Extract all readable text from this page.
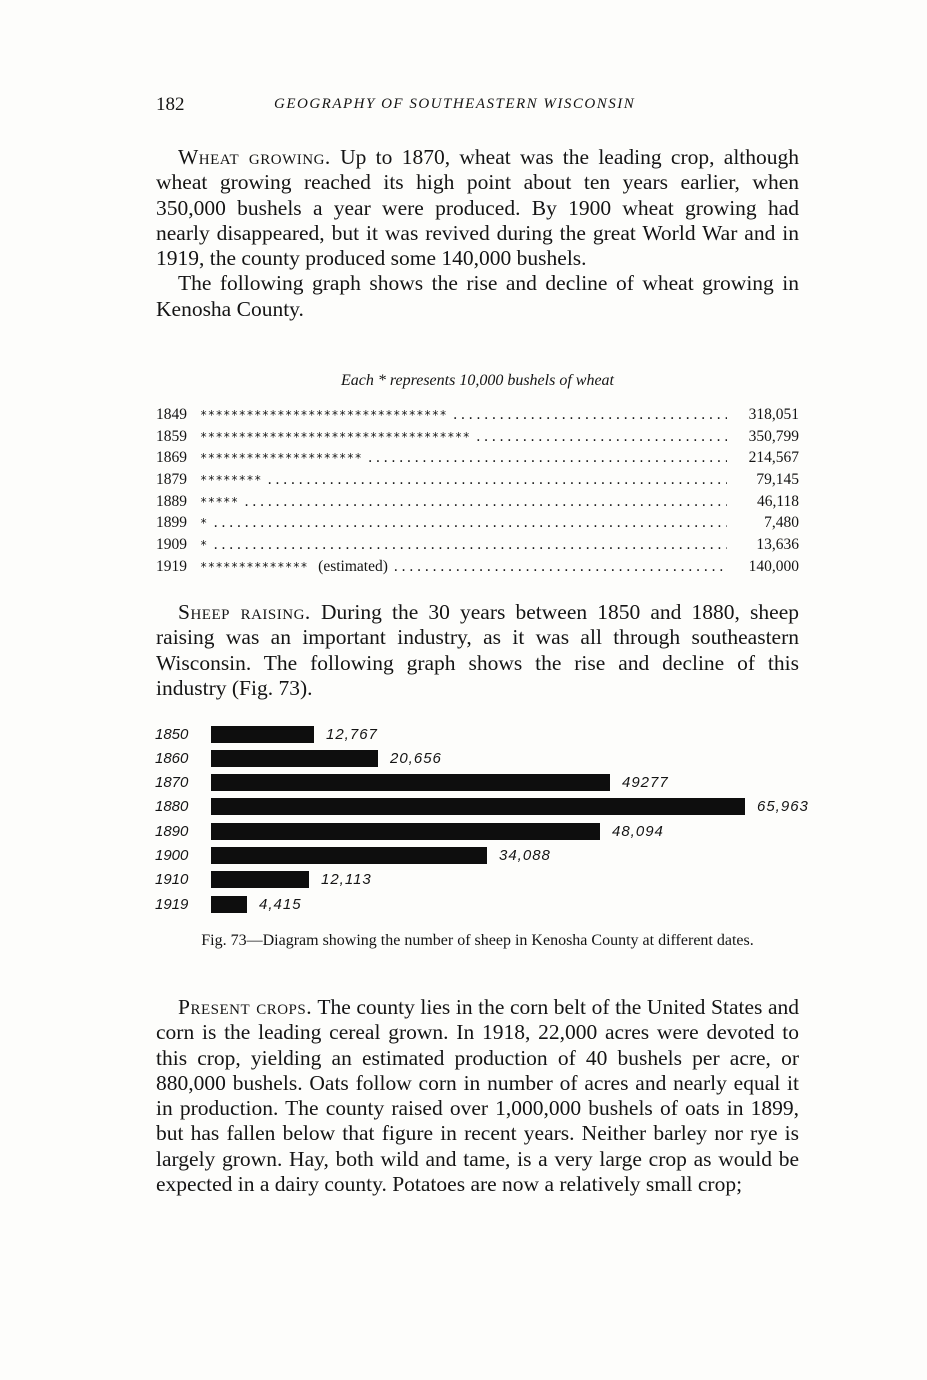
182	GEOGRAPHY OF SOUTHEASTERN WISCONSIN

Wheat growing. Up to 1870, wheat was the leading crop, although wheat growing reached its high point about ten years earlier, when 350,000 bushels a year were produced. By 1900 wheat growing had nearly disappeared, but it was revived during the great World War and in 1919, the county produced some 140,000 bushels.

The following graph shows the rise and decline of wheat growing in Kenosha County.

Each * represents 10,000 bushels of wheat
1849	******************************** . . .	318,051
1859	*********************************** . . .	350,799
1869	********************* . . .	214,567
1879	******** . . .	79,145
1889	***** . . .	46,118
1899	* . . .	7,480
1909	* . . .	13,636
1919	************** (estimated) . . .	140,000

Sheep raising. During the 30 years between 1850 and 1880, sheep raising was an important industry, as it was all through southeastern Wisconsin. The following graph shows the rise and decline of this industry (Fig. 73).

1850	12,767
1860	20,656
1870	49277
1880	65,963
1890	48,094
1900	34,088
1910	12,113
1919	4,415
Fig. 73—Diagram showing the number of sheep in Kenosha County at different dates.

Present crops. The county lies in the corn belt of the United States and corn is the leading cereal grown. In 1918, 22,000 acres were devoted to this crop, yielding an estimated production of 40 bushels per acre, or 880,000 bushels. Oats follow corn in number of acres and nearly equal it in production. The county raised over 1,000,000 bushels of oats in 1899, but has fallen below that figure in recent years. Neither barley nor rye is largely grown. Hay, both wild and tame, is a very large crop as would be expected in a dairy county. Potatoes are now a relatively small crop;
